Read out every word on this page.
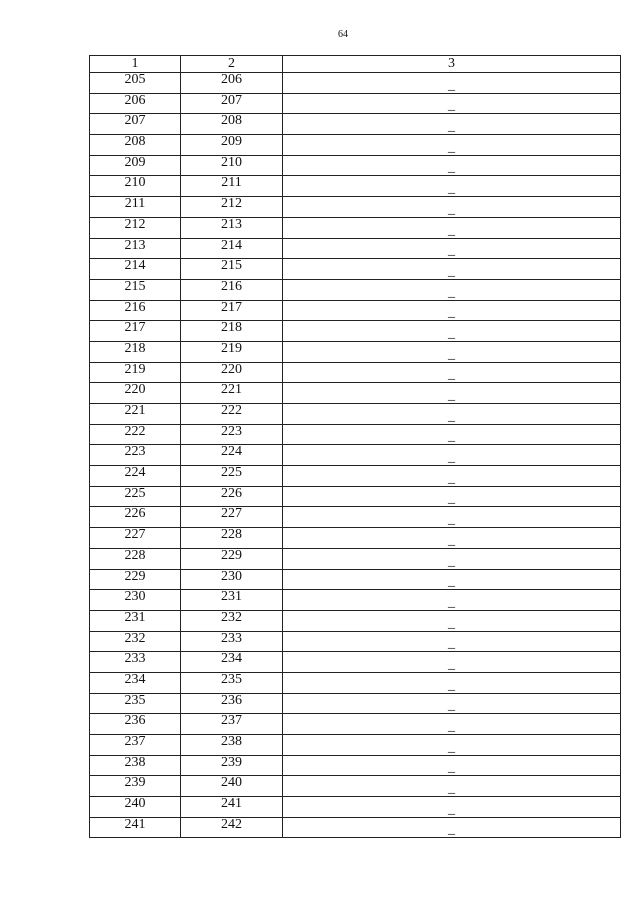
64
1	2	3
205	206	_
206	207	_
207	208	_
208	209	_
209	210	_
210	211	_
211	212	_
212	213	_
213	214	_
214	215	_
215	216	_
216	217	_
217	218	_
218	219	_
219	220	_
220	221	_
221	222	_
222	223	_
223	224	_
224	225	_
225	226	_
226	227	_
227	228	_
228	229	_
229	230	_
230	231	_
231	232	_
232	233	_
233	234	_
234	235	_
235	236	_
236	237	_
237	238	_
238	239	_
239	240	_
240	241	_
241	242	_
